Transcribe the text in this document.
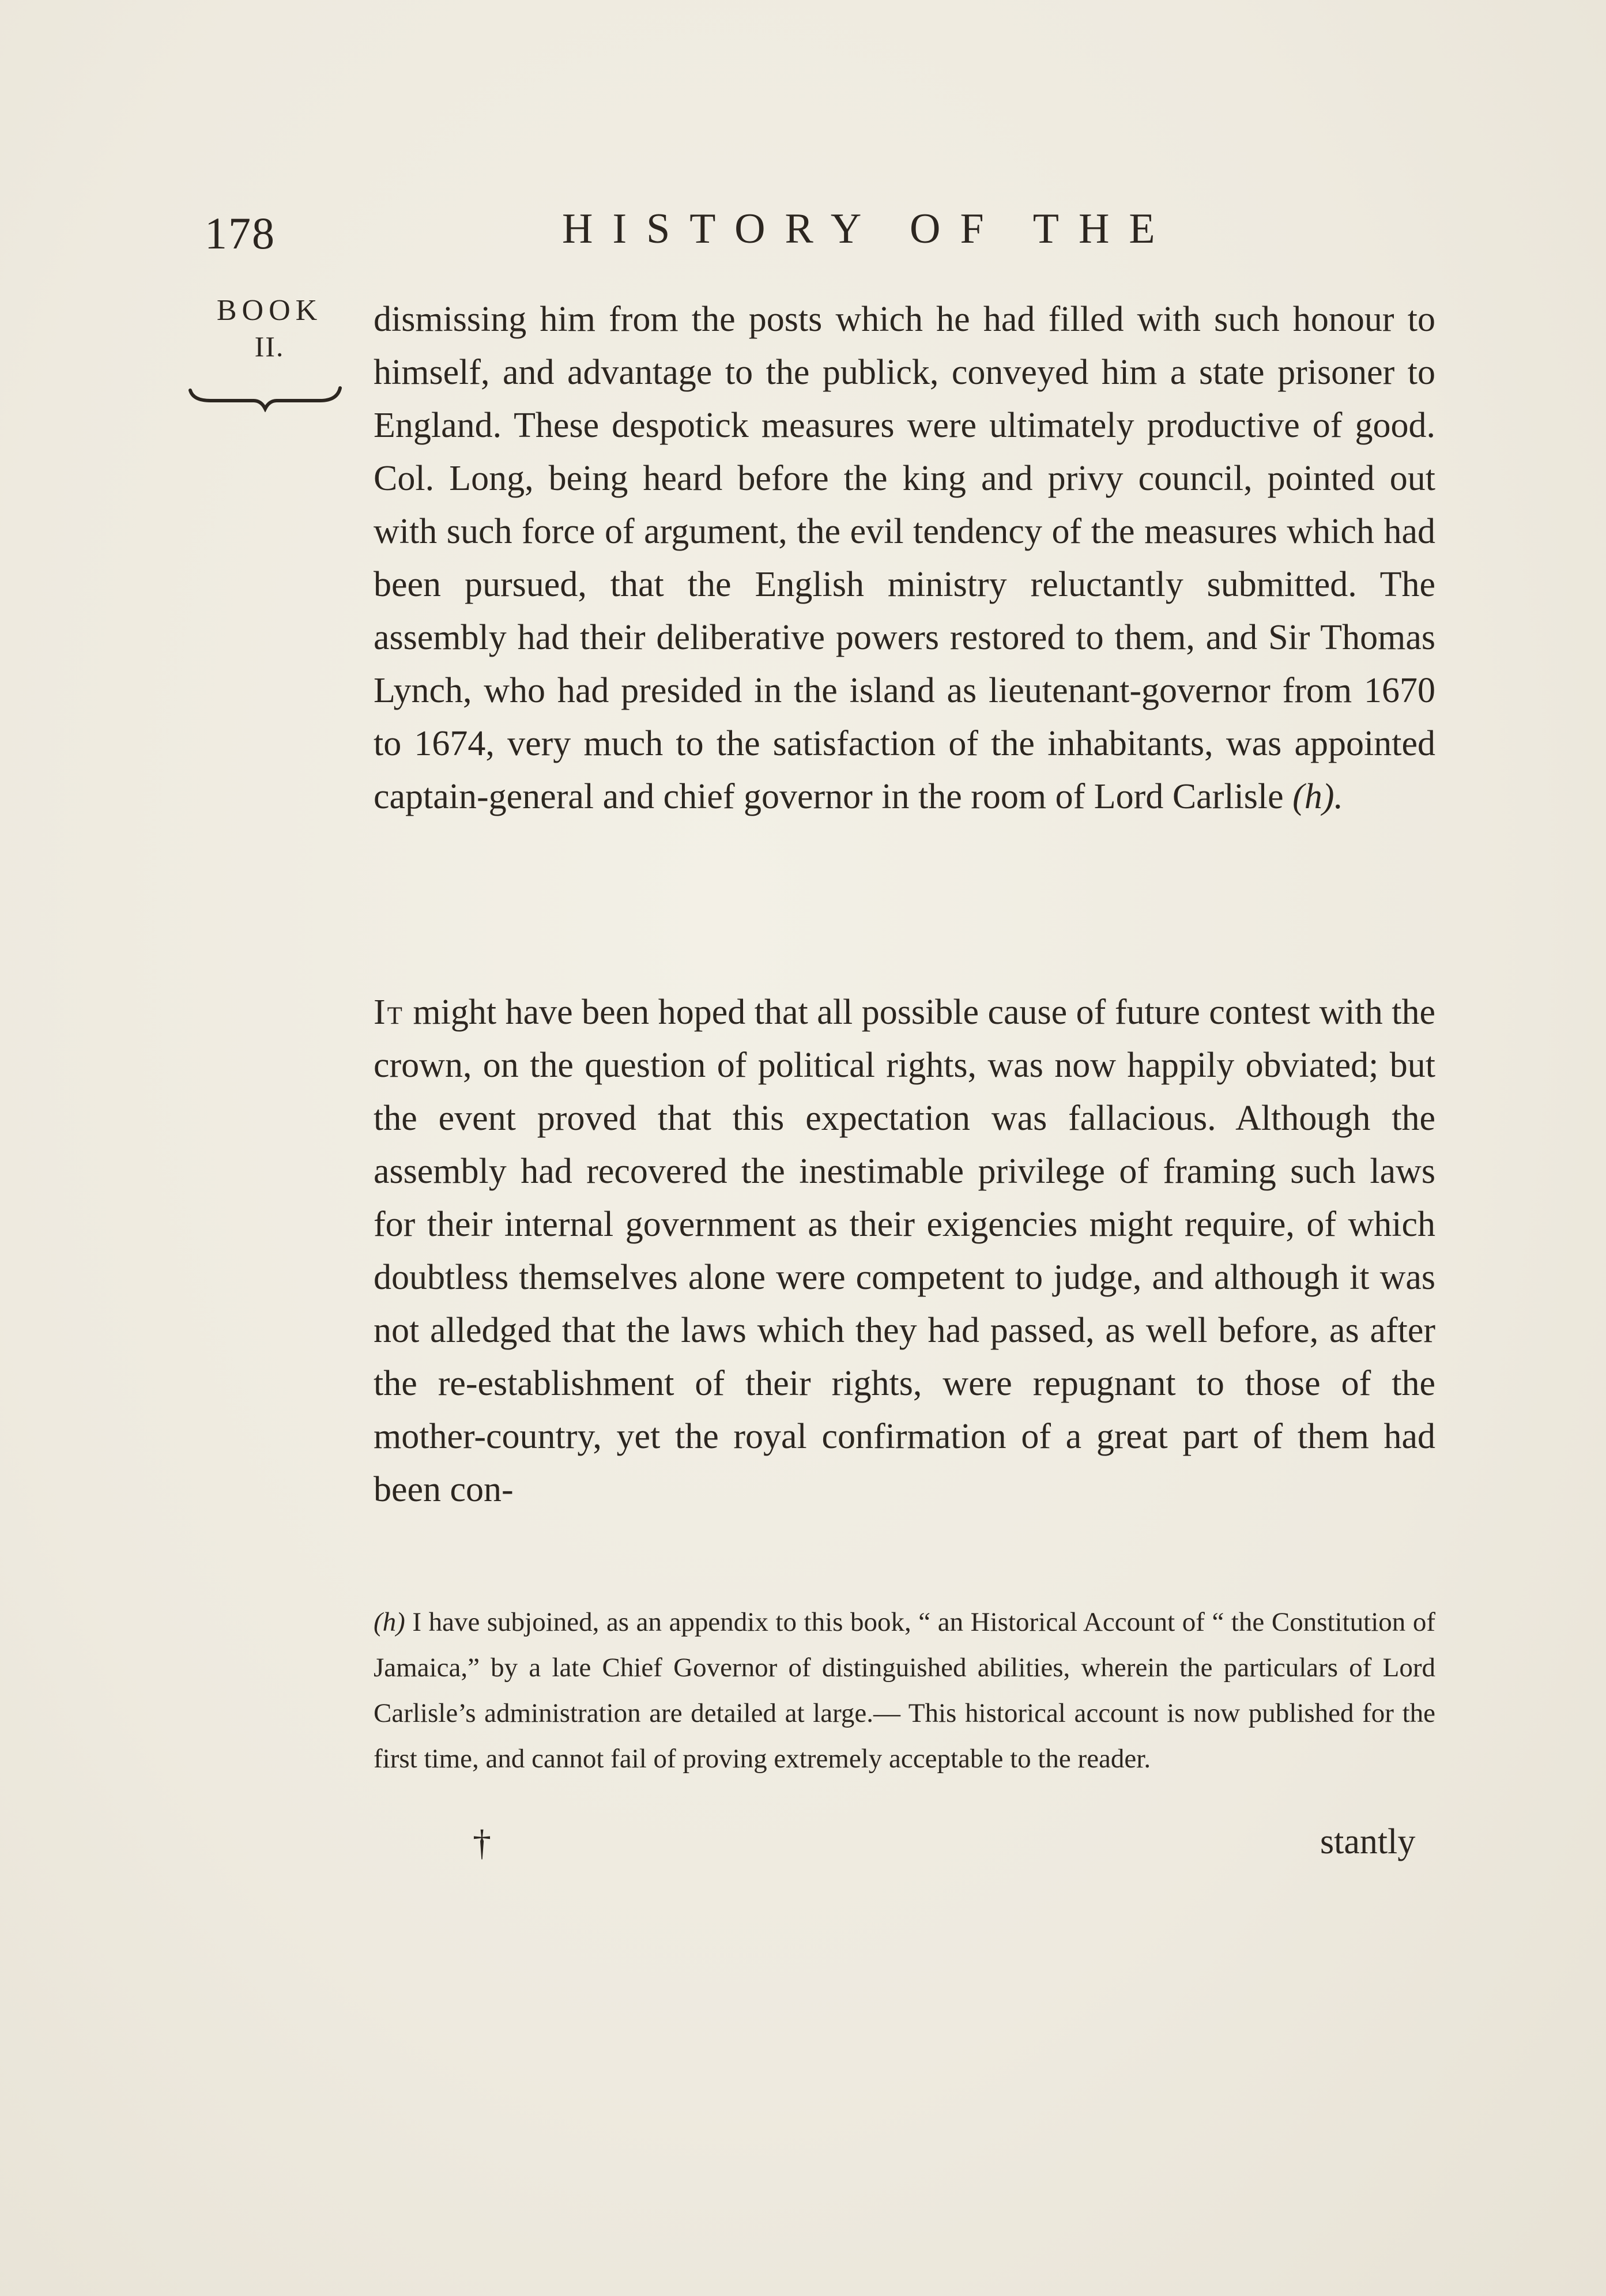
178	HISTORY OF THE
BOOK
II.

dismissing him from the posts which he had filled with such honour to himself, and advantage to the publick, conveyed him a state prisoner to England. These despotick measures were ultimately productive of good. Col. Long, being heard before the king and privy council, pointed out with such force of argument, the evil tendency of the measures which had been pursued, that the English ministry reluctantly submitted. The assembly had their deliberative powers restored to them, and Sir Thomas Lynch, who had presided in the island as lieutenant-governor from 1670 to 1674, very much to the satisfaction of the inhabitants, was appointed captain-general and chief governor in the room of Lord Carlisle (h).

It might have been hoped that all possible cause of future contest with the crown, on the question of political rights, was now happily obviated; but the event proved that this expectation was fallacious. Although the assembly had recovered the inestimable privilege of framing such laws for their internal government as their exigencies might require, of which doubtless themselves alone were competent to judge, and although it was not alledged that the laws which they had passed, as well before, as after the re-establishment of their rights, were repugnant to those of the mother-country, yet the royal confirmation of a great part of them had been con-

(h) I have subjoined, as an appendix to this book, “ an Historical Account of “ the Constitution of Jamaica,” by a late Chief Governor of distinguished abilities, wherein the particulars of Lord Carlisle’s administration are detailed at large.— This historical account is now published for the first time, and cannot fail of proving extremely acceptable to the reader.

†	stantly
